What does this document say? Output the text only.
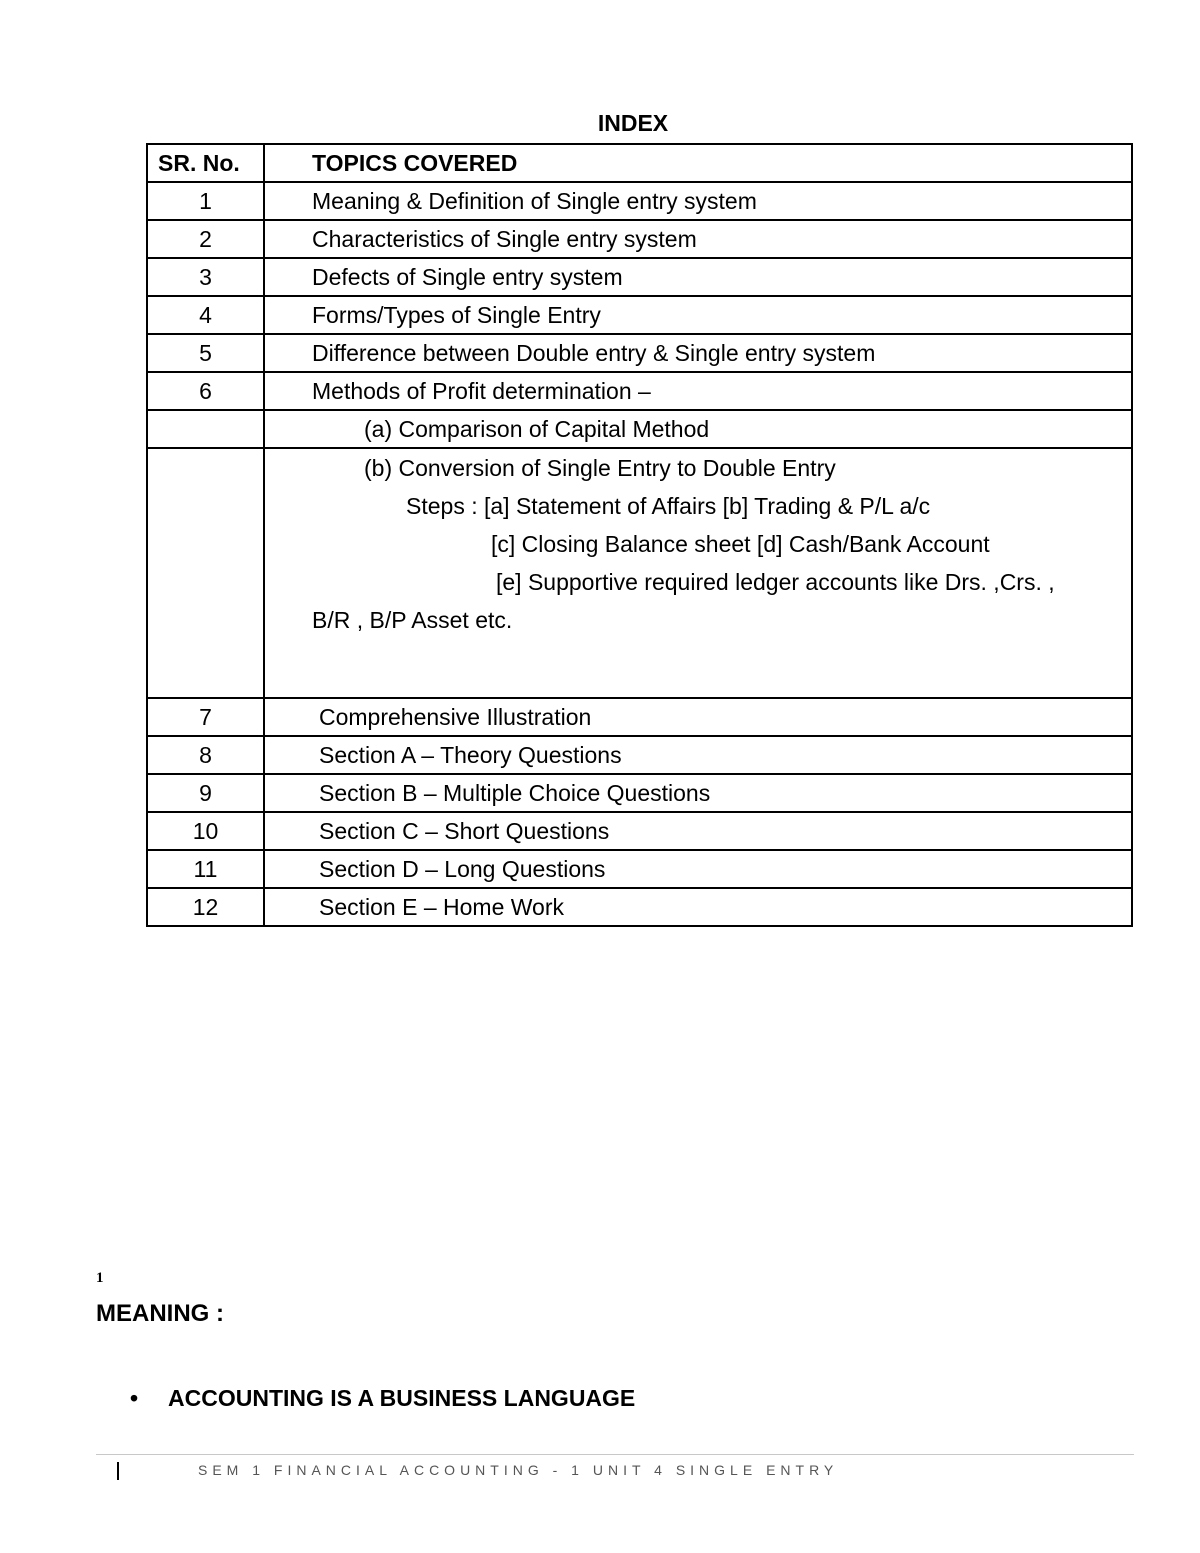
INDEX
SR. No.	TOPICS COVERED
1	Meaning & Definition of Single entry system
2	Characteristics of Single entry system
3	Defects of Single entry system
4	Forms/Types of Single Entry
5	Difference between Double entry & Single entry system
6	Methods of Profit determination –
	(a) Comparison of Capital Method

	(b) Conversion of Single Entry to Double Entry
Steps : [a] Statement of Affairs [b] Trading & P/L a/c
[c] Closing Balance sheet [d] Cash/Bank Account
[e] Supportive required ledger accounts like Drs. ,Crs. ,
B/R , B/P Asset etc.

7	Comprehensive Illustration
8	Section A – Theory Questions
9	Section B – Multiple Choice Questions
10	Section C – Short Questions
11	Section D – Long Questions
12	Section E – Home Work
1
MEANING :
• ACCOUNTING IS A BUSINESS LANGUAGE
SEM 1 FINANCIAL ACCOUNTING - 1 UNIT 4 SINGLE ENTRY
